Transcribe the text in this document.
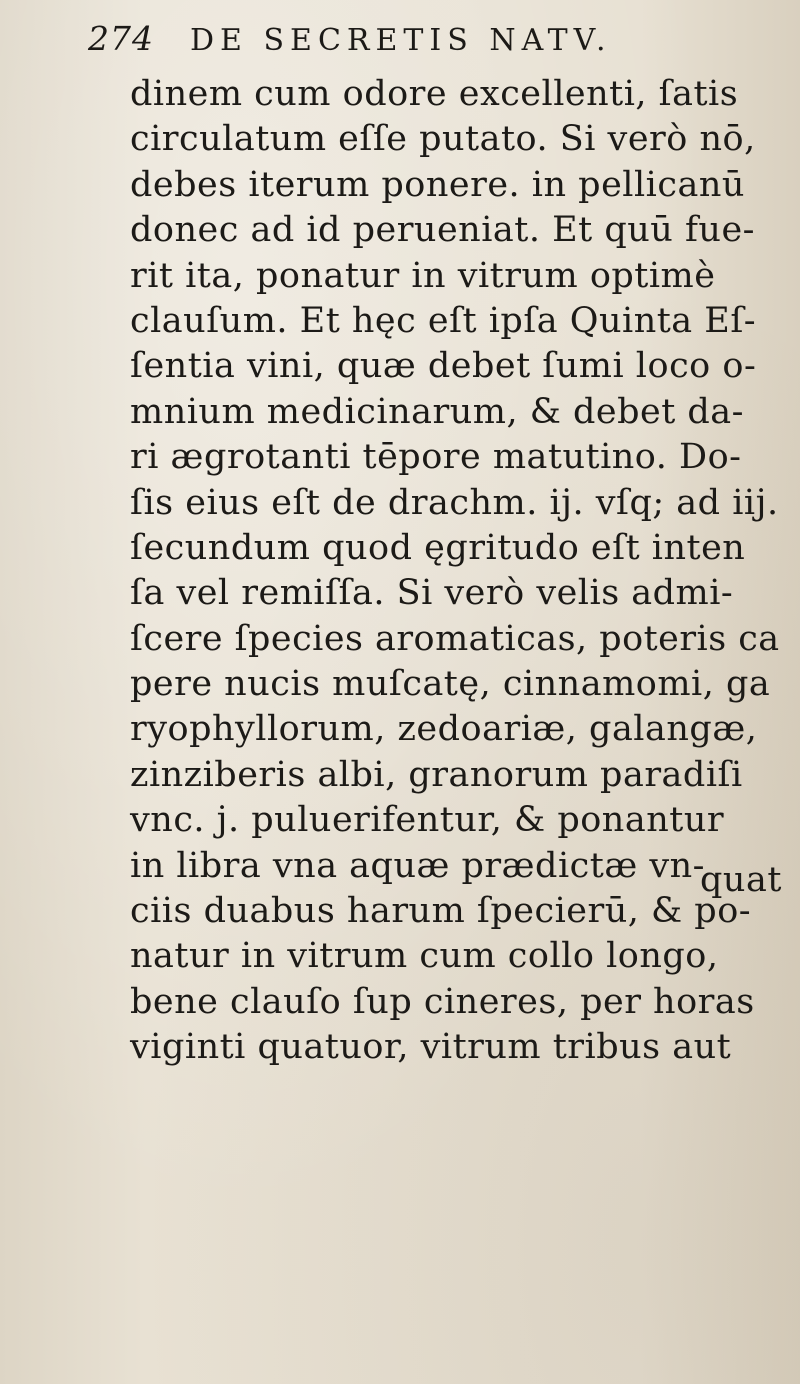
274 DE SECRETIS NATV.
dinem cum odore excellenti, ſatis
circulatum eſſe putato. Si verò nō,
debes iterum ponere. in pellicanū
donec ad id perueniat. Et quū fue-
rit ita, ponatur in vitrum optimè
clauſum. Et hęc eſt ipſa Quinta Eſ-
ſentia vini, quæ debet ſumi loco o-
mnium medicinarum, & debet da-
ri ægrotanti tēpore matutino. Do-
ſis eius eſt de drachm. ij. vſq; ad iij.
ſecundum quod ęgritudo eſt inten
ſa vel remiſſa. Si verò velis admi-
ſcere ſpecies aromaticas, poteris ca
pere nucis muſcatę, cinnamomi, ga
ryophyllorum, zedoariæ, galangæ,
zinziberis albi, granorum paradiſi
vnc. j. puluerifentur, & ponantur
in libra vna aquæ prædictæ vn-
ciis duabus harum ſpecierū, & po-
natur in vitrum cum collo longo,
bene clauſo ſup cineres, per horas
viginti quatuor, vitrum tribus aut
quat
